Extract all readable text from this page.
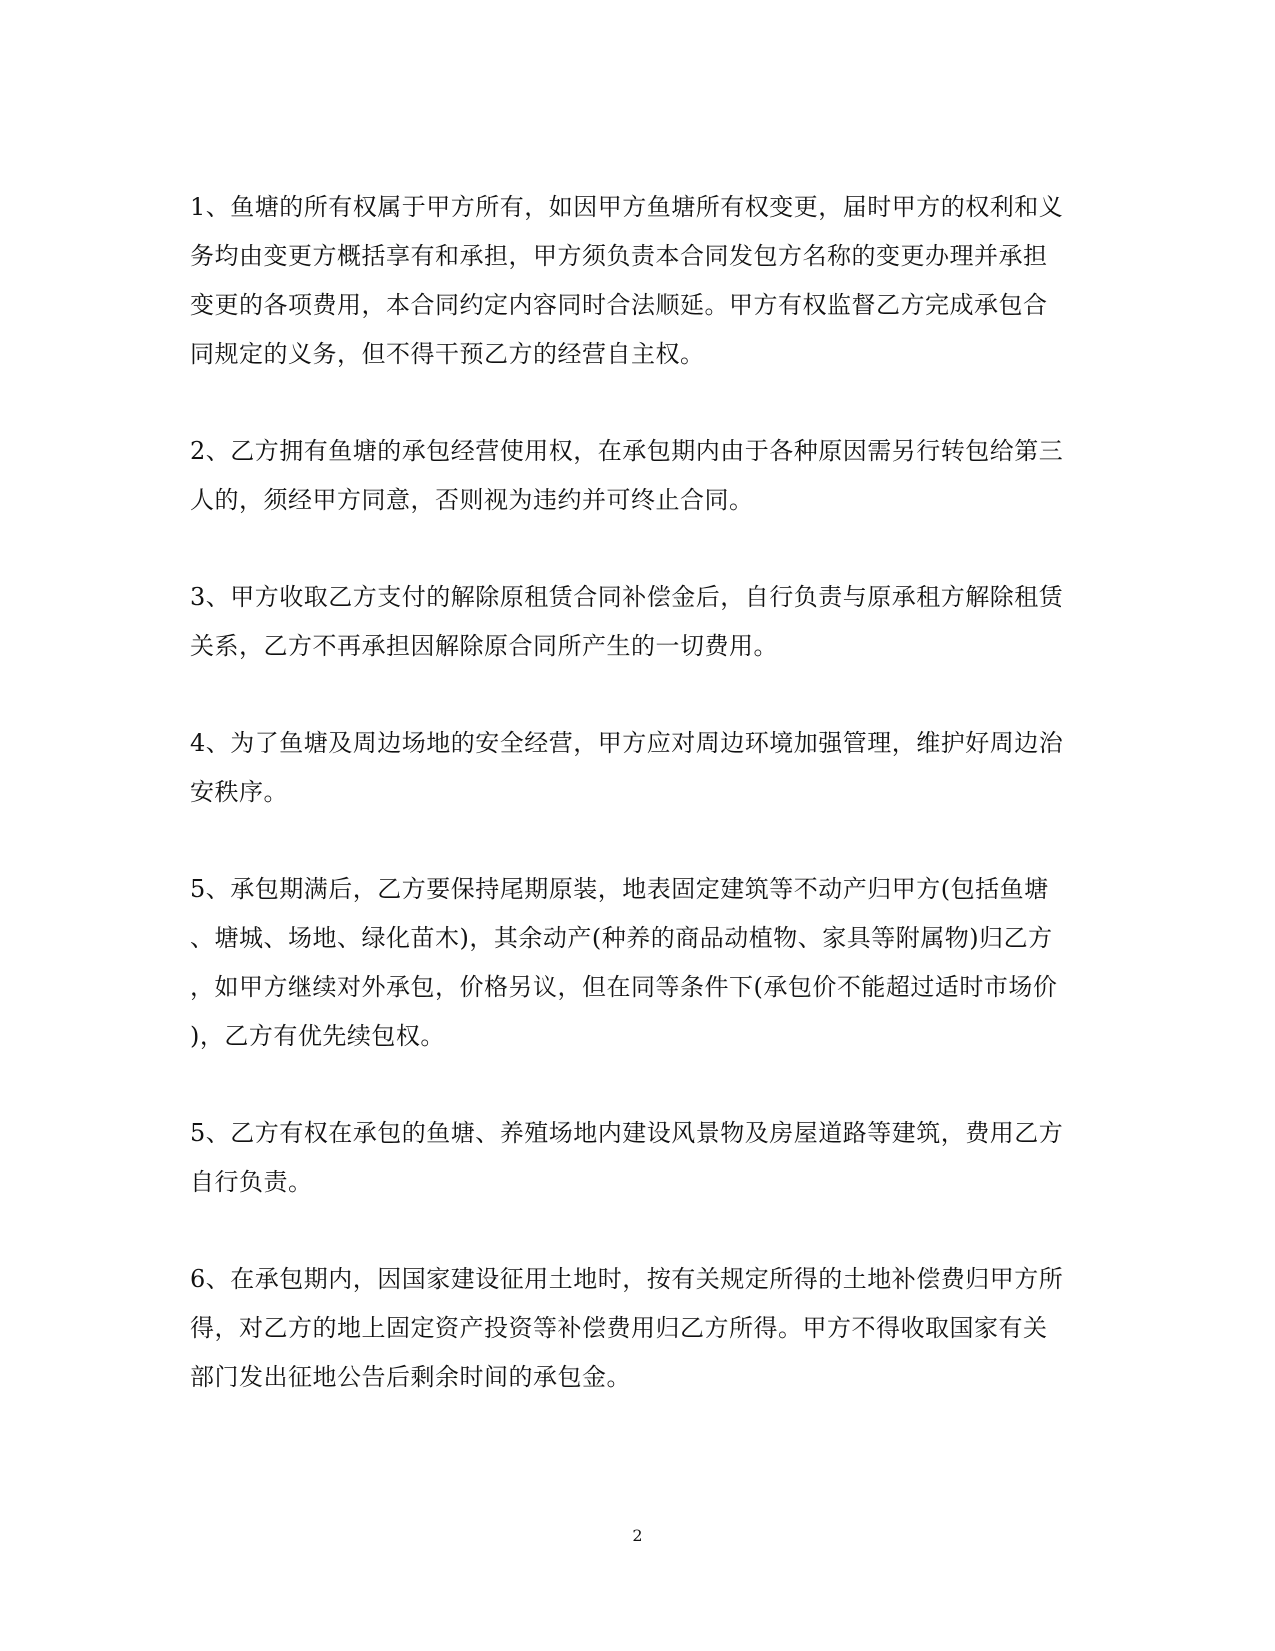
1、鱼塘的所有权属于甲方所有，如因甲方鱼塘所有权变更，届时甲方的权利和义
务均由变更方概括享有和承担，甲方须负责本合同发包方名称的变更办理并承担
变更的各项费用，本合同约定内容同时合法顺延。甲方有权监督乙方完成承包合
同规定的义务，但不得干预乙方的经营自主权。

2、乙方拥有鱼塘的承包经营使用权，在承包期内由于各种原因需另行转包给第三
人的，须经甲方同意，否则视为违约并可终止合同。

3、甲方收取乙方支付的解除原租赁合同补偿金后，自行负责与原承租方解除租赁
关系，乙方不再承担因解除原合同所产生的一切费用。

4、为了鱼塘及周边场地的安全经营，甲方应对周边环境加强管理，维护好周边治
安秩序。

5、承包期满后，乙方要保持尾期原装，地表固定建筑等不动产归甲方(包括鱼塘
、塘城、场地、绿化苗木)，其余动产(种养的商品动植物、家具等附属物)归乙方
，如甲方继续对外承包，价格另议，但在同等条件下(承包价不能超过适时市场价
)，乙方有优先续包权。

5、乙方有权在承包的鱼塘、养殖场地内建设风景物及房屋道路等建筑，费用乙方
自行负责。

6、在承包期内，因国家建设征用土地时，按有关规定所得的土地补偿费归甲方所
得，对乙方的地上固定资产投资等补偿费用归乙方所得。甲方不得收取国家有关
部门发出征地公告后剩余时间的承包金。

2
